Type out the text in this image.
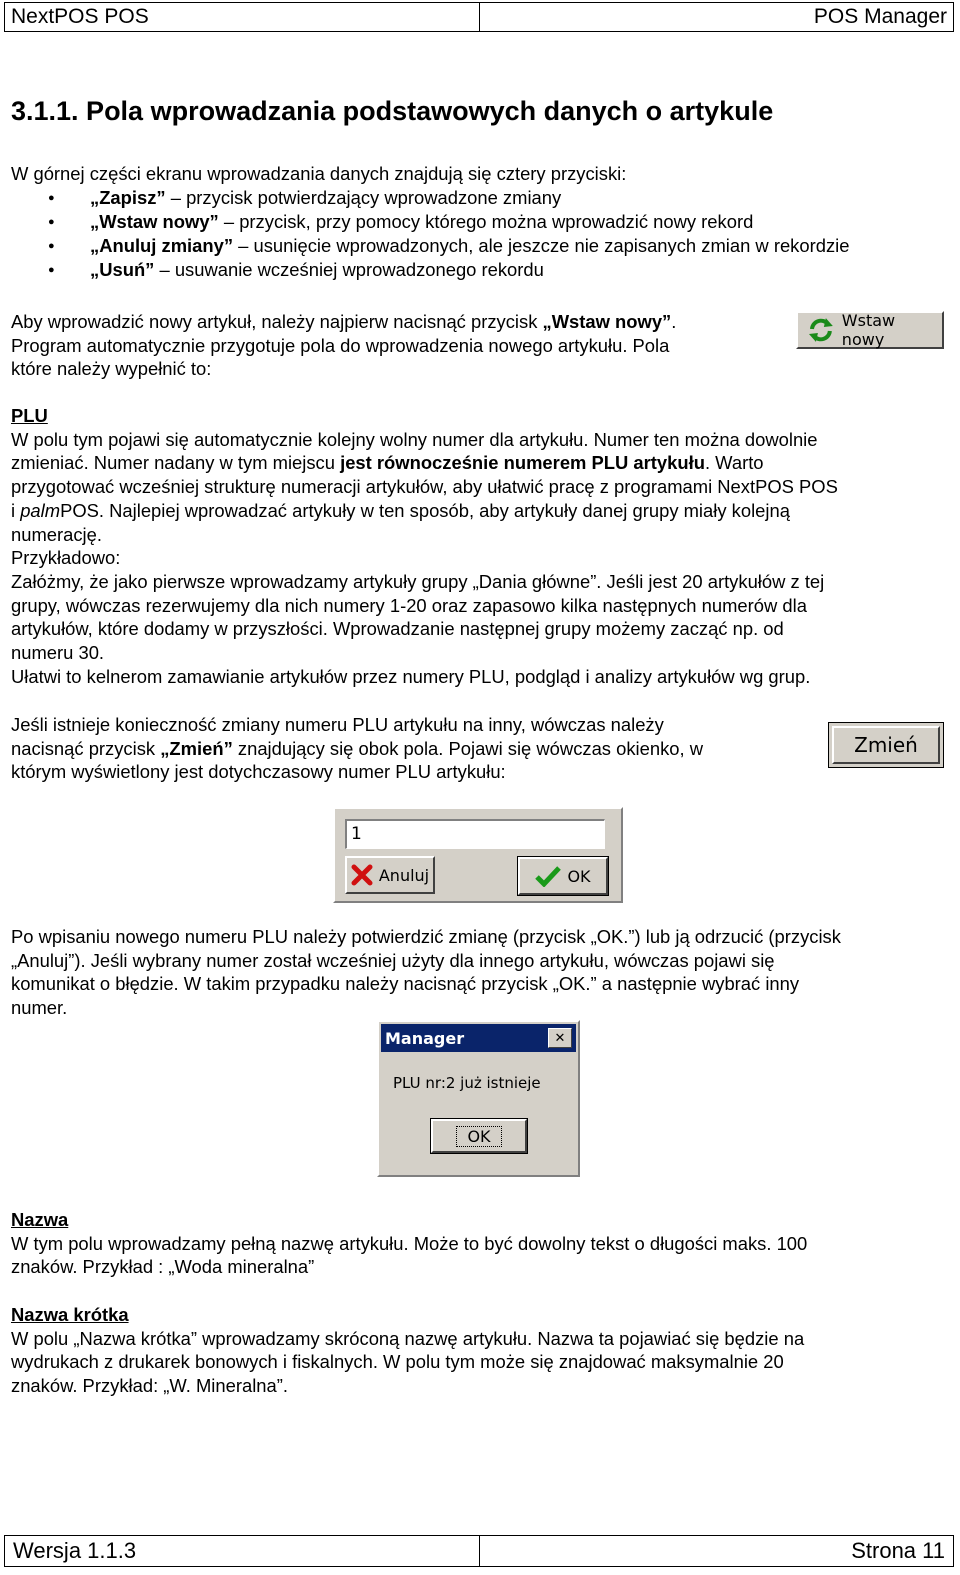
NextPOS POS	POS Manager
3.1.1. Pola wprowadzania podstawowych danych o artykule
W górnej części ekranu wprowadzania danych znajdują się cztery przyciski:
● „Zapisz” – przycisk potwierdzający wprowadzone zmiany
● „Wstaw nowy” – przycisk, przy pomocy którego można wprowadzić nowy rekord
● „Anuluj zmiany” – usunięcie wprowadzonych, ale jeszcze nie zapisanych zmian w rekordzie
● „Usuń” – usuwanie wcześniej wprowadzonego rekordu
Aby wprowadzić nowy artykuł, należy najpierw nacisnąć przycisk „Wstaw nowy”.
Program automatycznie przygotuje pola do wprowadzenia nowego artykułu. Pola
które należy wypełnić to:
Wstaw nowy
PLU
W polu tym pojawi się automatycznie kolejny wolny numer dla artykułu. Numer ten można dowolnie
zmieniać. Numer nadany w tym miejscu jest równocześnie numerem PLU artykułu. Warto
przygotować wcześniej strukturę numeracji artykułów, aby ułatwić pracę z programami NextPOS POS
i palmPOS. Najlepiej wprowadzać artykuły w ten sposób, aby artykuły danej grupy miały kolejną
numerację.
Przykładowo:
Załóżmy, że jako pierwsze wprowadzamy artykuły grupy „Dania główne”. Jeśli jest 20 artykułów z tej
grupy, wówczas rezerwujemy dla nich numery 1-20 oraz zapasowo kilka następnych numerów dla
artykułów, które dodamy w przyszłości. Wprowadzanie następnej grupy możemy zacząć np. od
numeru 30.
Ułatwi to kelnerom zamawianie artykułów przez numery PLU, podgląd i analizy artykułów wg grup.
Jeśli istnieje konieczność zmiany numeru PLU artykułu na inny, wówczas należy
nacisnąć przycisk „Zmień” znajdujący się obok pola. Pojawi się wówczas okienko, w
którym wyświetlony jest dotychczasowy numer PLU artykułu:
Zmień
1
Anuluj	OK
Po wpisaniu nowego numeru PLU należy potwierdzić zmianę (przycisk „OK.”) lub ją odrzucić (przycisk
„Anuluj”). Jeśli wybrany numer został wcześniej użyty dla innego artykułu, wówczas pojawi się
komunikat o błędzie. W takim przypadku należy nacisnąć przycisk „OK.” a następnie wybrać inny
numer.
Manager	✕
PLU nr:2 już istnieje
OK
Nazwa
W tym polu wprowadzamy pełną nazwę artykułu. Może to być dowolny tekst o długości maks. 100
znaków. Przykład : „Woda mineralna”
Nazwa krótka
W polu „Nazwa krótka” wprowadzamy skróconą nazwę artykułu. Nazwa ta pojawiać się będzie na
wydrukach z drukarek bonowych i fiskalnych. W polu tym może się znajdować maksymalnie 20
znaków. Przykład: „W. Mineralna”.
Wersja 1.1.3	Strona 11
